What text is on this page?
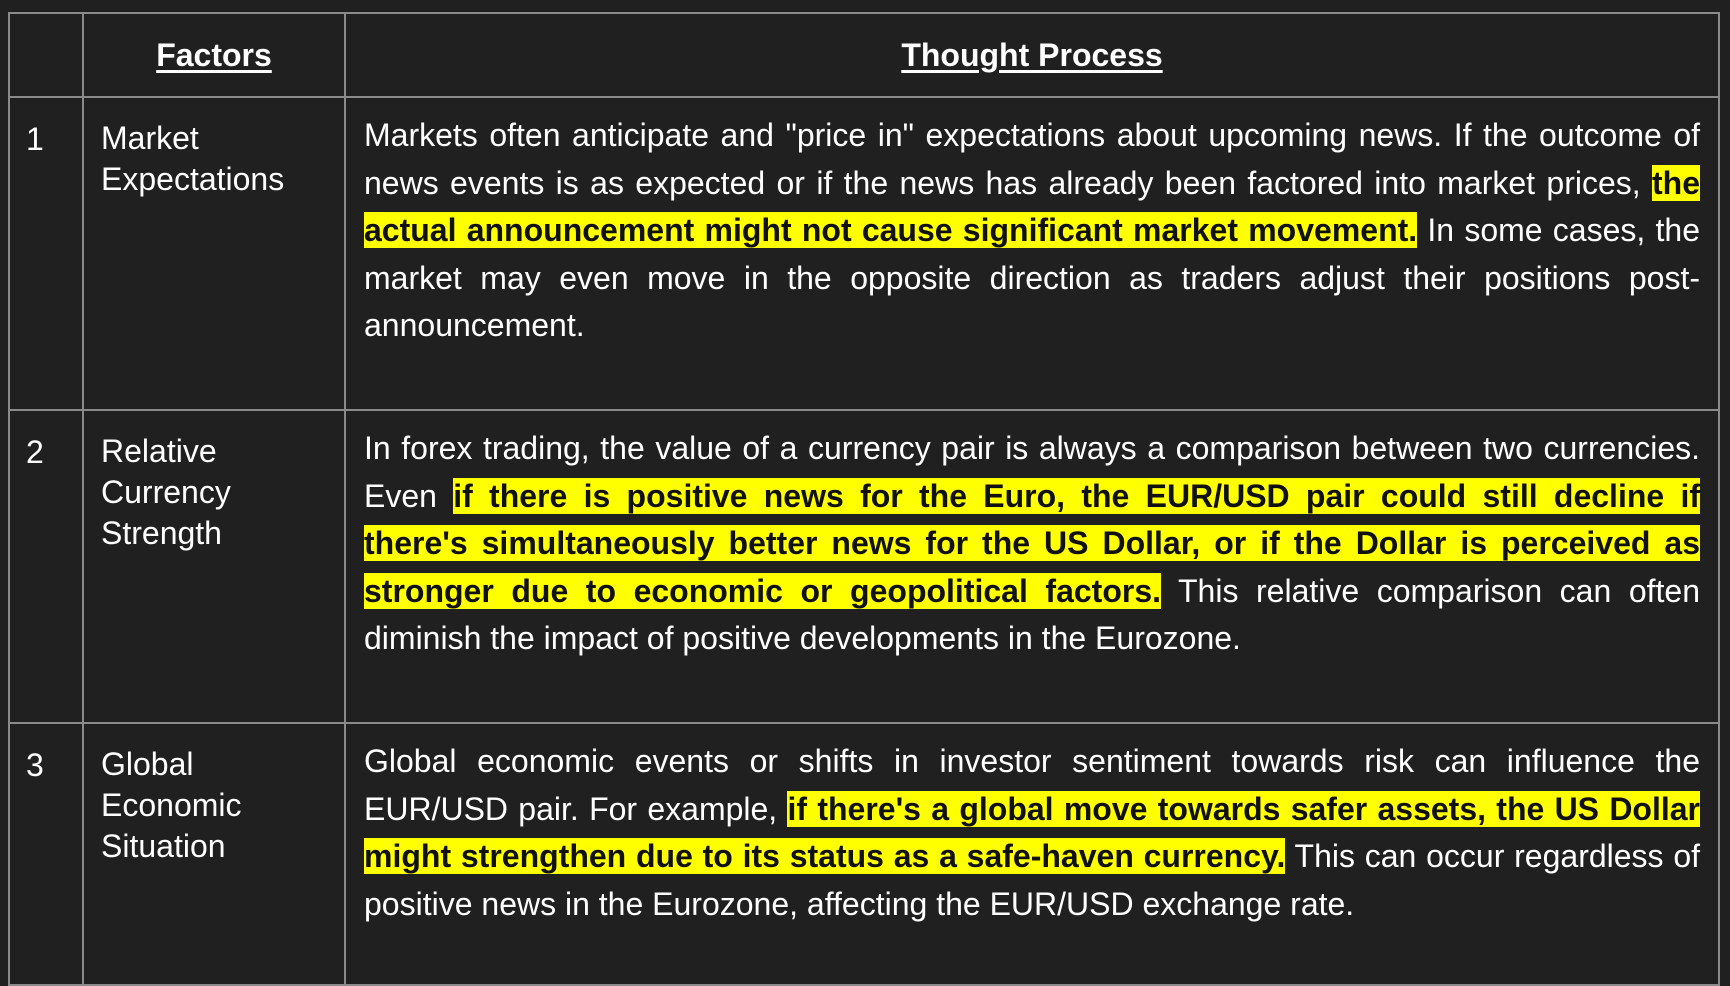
	Factors	Thought Process
1	Market Expectations	Markets often anticipate and "price in" expectations about upcoming news. If the outcome of news events is as expected or if the news has already been factored into market prices, the actual announcement might not cause significant market movement. In some cases, the market may even move in the opposite direction as traders adjust their positions post-announcement.
2	Relative Currency Strength	In forex trading, the value of a currency pair is always a comparison between two currencies. Even if there is positive news for the Euro, the EUR/USD pair could still decline if there's simultaneously better news for the US Dollar, or if the Dollar is perceived as stronger due to economic or geopolitical factors. This relative comparison can often diminish the impact of positive developments in the Eurozone.
3	Global Economic Situation	Global economic events or shifts in investor sentiment towards risk can influence the EUR/USD pair. For example, if there's a global move towards safer assets, the US Dollar might strengthen due to its status as a safe-haven currency. This can occur regardless of positive news in the Eurozone, affecting the EUR/USD exchange rate.
